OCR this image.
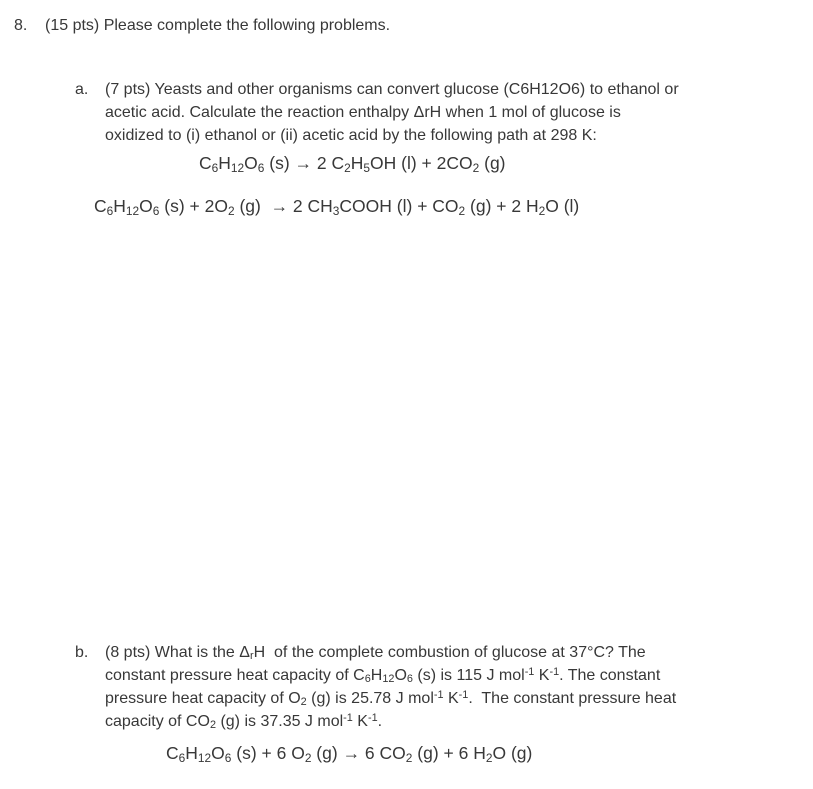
8. (15 pts) Please complete the following problems.
a. (7 pts) Yeasts and other organisms can convert glucose (C6H12O6) to ethanol or
acetic acid. Calculate the reaction enthalpy ΔrH when 1 mol of glucose is
oxidized to (i) ethanol or (ii) acetic acid by the following path at 298 K:
$C_6H_{12}O_6$ (s) → 2 $C_2H_5OH$ $(l) + 2CO_2$ (g)
$C_6H_{12}O_6$ $(s) + 2O_2$ (g)  → 2 $CH_3COOH$ $(l) + CO_2$ (g) + 2 $H_2O$ (l)
b. (8 pts) What is the $\Delta_rH$  of the complete combustion of glucose at 37°C? The
constant pressure heat capacity of $C_6H_{12}O_6$ (s) is 115 J mol$^{-1}$ $K^{-1}$. The constant
pressure heat capacity of $O_2$ (g) is 25.78 J mol$^{-1}$ $K^{-1}$.  The constant pressure heat
capacity of $CO_2$ (g) is 37.35 J mol$^{-1}$ $K^{-1}$.
$C_6H_{12}O_6$ (s) + 6 $O_2$ (g) → 6 $CO_2$ (g) + 6 $H_2O$ (g)
